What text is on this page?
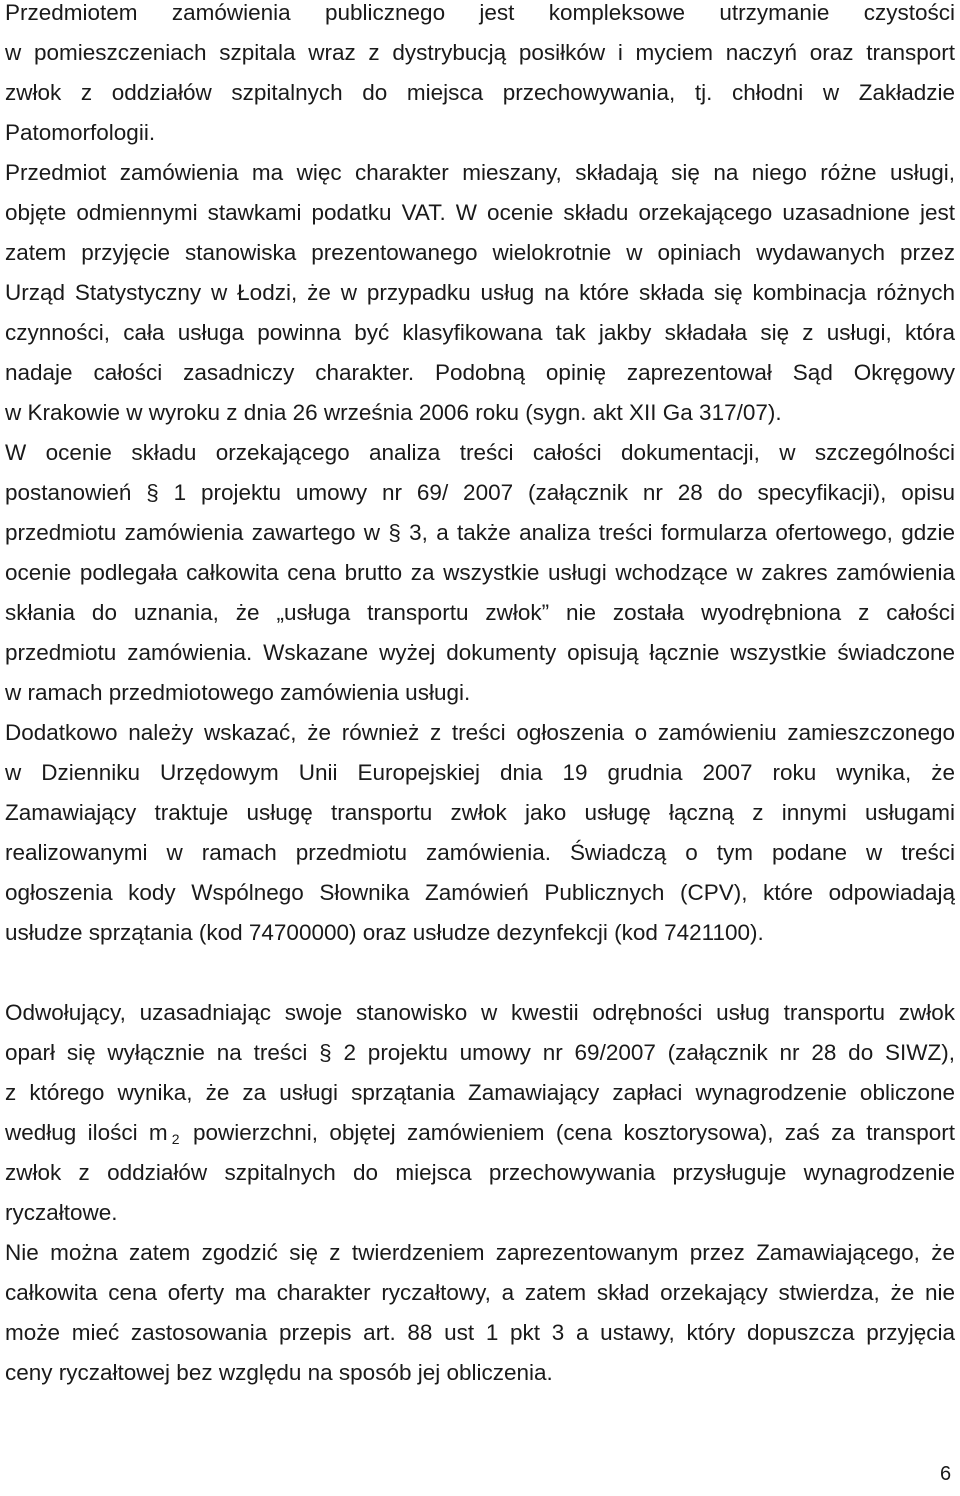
Przedmiotem zamówienia publicznego jest kompleksowe utrzymanie czystości
w pomieszczeniach szpitala wraz z dystrybucją posiłków i myciem naczyń oraz transport
zwłok z oddziałów szpitalnych do miejsca przechowywania, tj. chłodni w Zakładzie
Patomorfologii.
Przedmiot zamówienia ma więc charakter mieszany, składają się na niego różne usługi,
objęte odmiennymi stawkami podatku VAT. W ocenie składu orzekającego uzasadnione jest
zatem przyjęcie stanowiska prezentowanego wielokrotnie w opiniach wydawanych przez
Urząd Statystyczny w Łodzi, że w przypadku usług na które składa się kombinacja różnych
czynności, cała usługa powinna być klasyfikowana tak jakby składała się z usługi, która
nadaje całości zasadniczy charakter. Podobną opinię zaprezentował Sąd Okręgowy
w Krakowie w wyroku z dnia 26 września 2006 roku (sygn. akt XII Ga 317/07).
W ocenie składu orzekającego analiza treści całości dokumentacji, w szczególności
postanowień § 1 projektu umowy nr 69/ 2007 (załącznik nr 28 do specyfikacji), opisu
przedmiotu zamówienia zawartego w § 3, a także analiza treści formularza ofertowego, gdzie
ocenie podlegała całkowita cena brutto za wszystkie usługi wchodzące w zakres zamówienia
skłania do uznania, że „usługa transportu zwłok” nie została wyodrębniona z całości
przedmiotu zamówienia. Wskazane wyżej dokumenty opisują łącznie wszystkie świadczone
w ramach przedmiotowego zamówienia usługi.
Dodatkowo należy wskazać, że również z treści ogłoszenia o zamówieniu zamieszczonego
w Dzienniku Urzędowym Unii Europejskiej dnia 19 grudnia 2007 roku wynika, że
Zamawiający traktuje usługę transportu zwłok jako usługę łączną z innymi usługami
realizowanymi w ramach przedmiotu zamówienia. Świadczą o tym podane w treści
ogłoszenia kody Wspólnego Słownika Zamówień Publicznych (CPV), które odpowiadają
usłudze sprzątania (kod 74700000) oraz usłudze dezynfekcji (kod 7421100).
Odwołujący, uzasadniając swoje stanowisko w kwestii odrębności usług transportu zwłok
oparł się wyłącznie na treści § 2 projektu umowy nr 69/2007 (załącznik nr 28 do SIWZ),
z którego wynika, że za usługi sprzątania Zamawiający zapłaci wynagrodzenie obliczone
według ilości m 2 powierzchni, objętej zamówieniem (cena kosztorysowa), zaś za transport
zwłok z oddziałów szpitalnych do miejsca przechowywania przysługuje wynagrodzenie
ryczałtowe.
Nie można zatem zgodzić się z twierdzeniem zaprezentowanym przez Zamawiającego, że
całkowita cena oferty ma charakter ryczałtowy, a zatem skład orzekający stwierdza, że nie
może mieć zastosowania przepis art. 88 ust 1 pkt 3 a ustawy, który dopuszcza przyjęcia
ceny ryczałtowej bez względu na sposób jej obliczenia.
6
